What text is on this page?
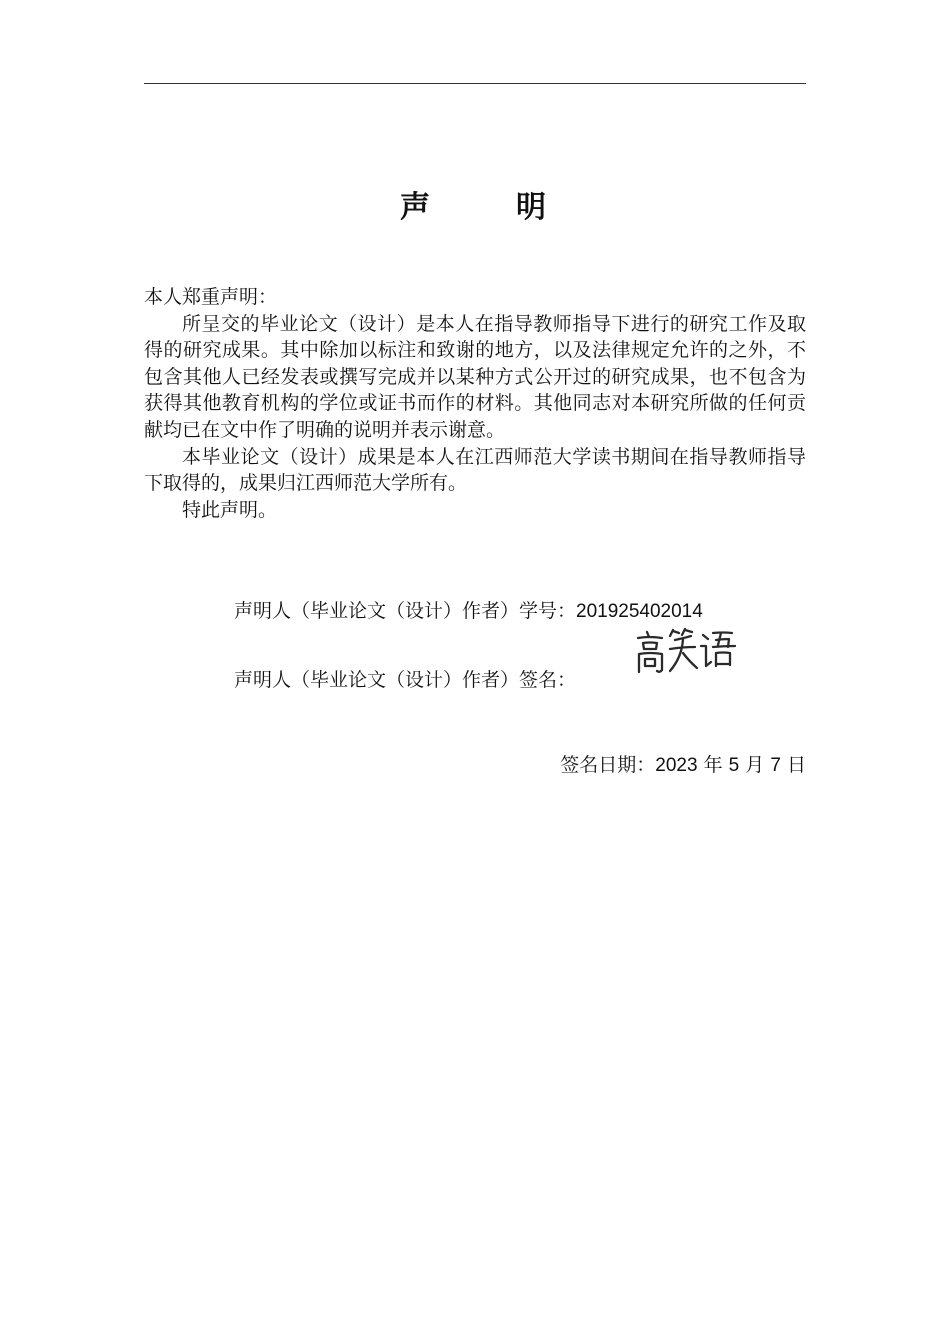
声	明

本人郑重声明：

所呈交的毕业论文（设计）是本人在指导教师指导下进行的研究工作及取得的研究成果。其中除加以标注和致谢的地方，以及法律规定允许的之外，不包含其他人已经发表或撰写完成并以某种方式公开过的研究成果，也不包含为获得其他教育机构的学位或证书而作的材料。其他同志对本研究所做的任何贡献均已在文中作了明确的说明并表示谢意。

本毕业论文（设计）成果是本人在江西师范大学读书期间在指导教师指导下取得的，成果归江西师范大学所有。

特此声明。

声明人（毕业论文（设计）作者）学号：201925402014
声明人（毕业论文（设计）作者）签名：
签名日期：2023 年 5 月 7 日
